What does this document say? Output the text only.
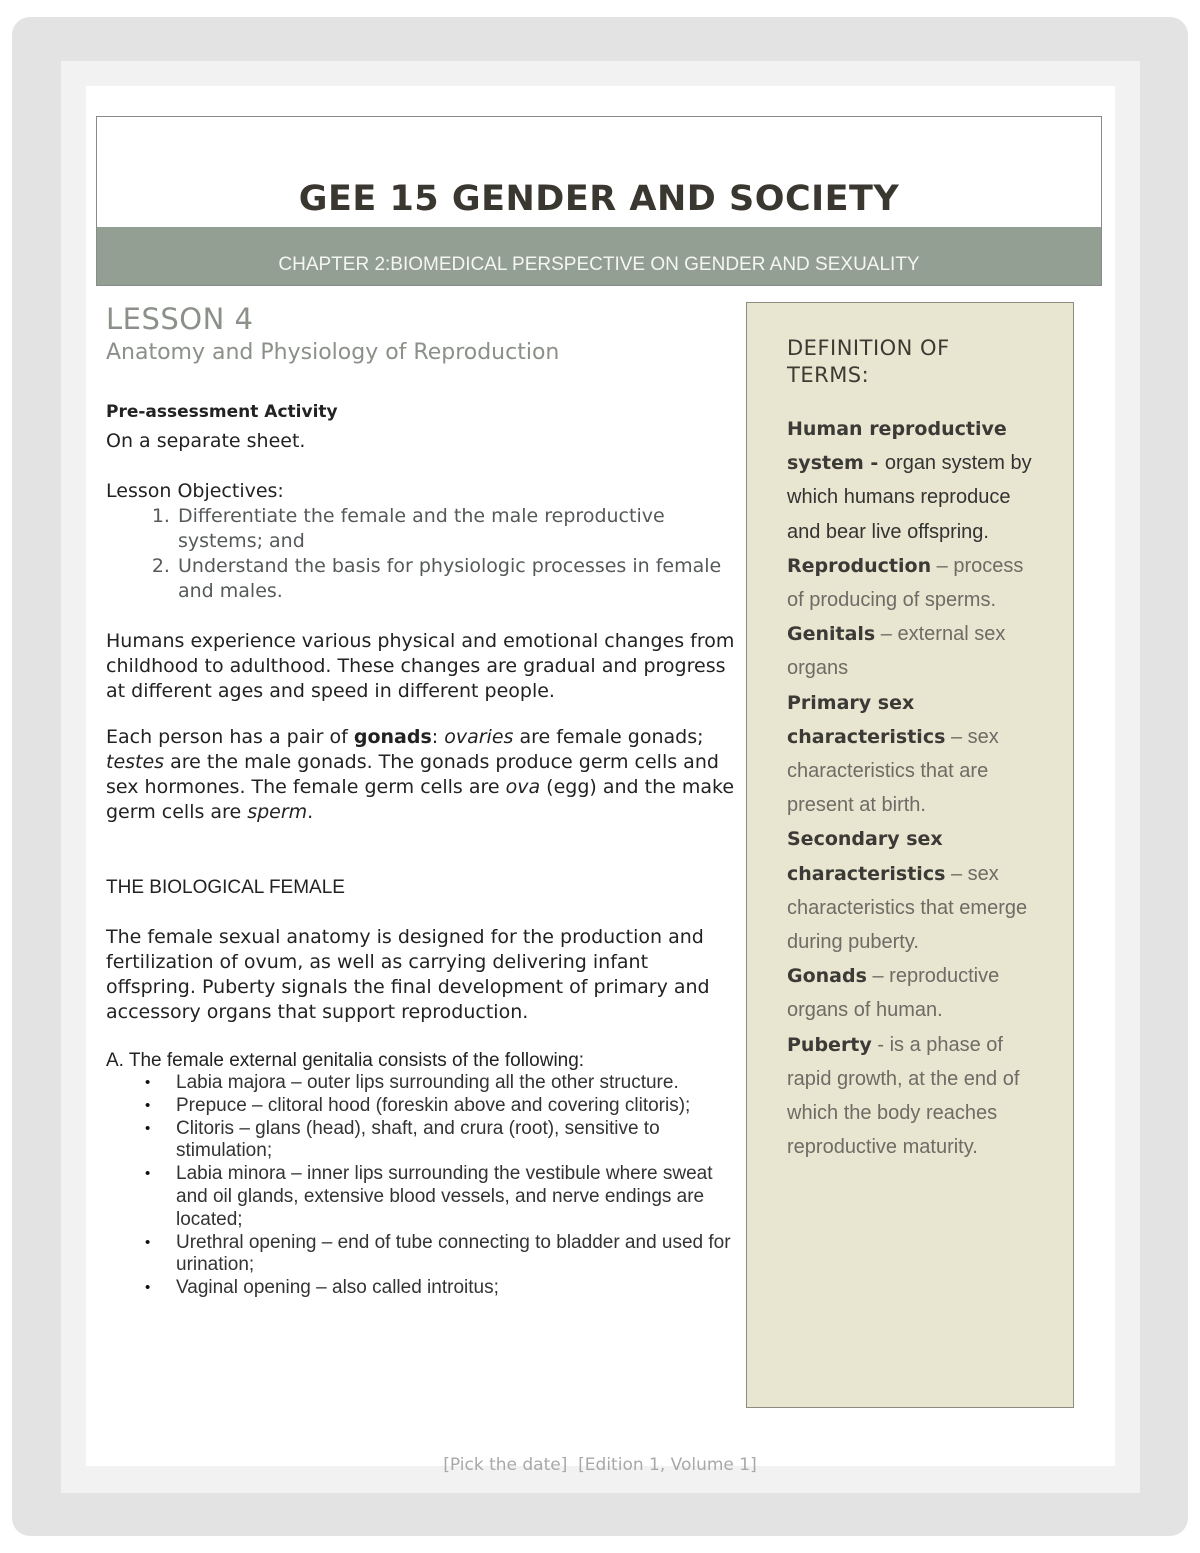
GEE 15 GENDER AND SOCIETY
CHAPTER 2:BIOMEDICAL PERSPECTIVE ON GENDER AND SEXUALITY

LESSON 4

Anatomy and Physiology of Reproduction

Pre-assessment Activity

On a separate sheet.

Lesson Objectives:

1. Differentiate the female and the male reproductive systems; and
2. Understand the basis for physiologic processes in female and males.

Humans experience various physical and emotional changes from childhood to adulthood. These changes are gradual and progress at different ages and speed in different people.

Each person has a pair of gonads: ovaries are female gonads; testes are the male gonads. The gonads produce germ cells and sex hormones. The female germ cells are ova (egg) and the make germ cells are sperm.

THE BIOLOGICAL FEMALE

The female sexual anatomy is designed for the production and fertilization of ovum, as well as carrying delivering infant offspring. Puberty signals the final development of primary and accessory organs that support reproduction.

A. The female external genitalia consists of the following:

• Labia majora – outer lips surrounding all the other structure.
• Prepuce – clitoral hood (foreskin above and covering clitoris);
• Clitoris – glans (head), shaft, and crura (root), sensitive to stimulation;
• Labia minora – inner lips surrounding the vestibule where sweat and oil glands, extensive blood vessels, and nerve endings are located;
• Urethral opening – end of tube connecting to bladder and used for urination;
• Vaginal opening – also called introitus;

DEFINITION OF TERMS:

Human reproductive system - organ system by which humans reproduce and bear live offspring.

Reproduction – process of producing of sperms.

Genitals – external sex organs

Primary sex characteristics – sex characteristics that are present at birth.

Secondary sex characteristics – sex characteristics that emerge during puberty.

Gonads – reproductive organs of human.

Puberty - is a phase of rapid growth, at the end of which the body reaches reproductive maturity.

[Pick the date] [Edition 1, Volume 1]
